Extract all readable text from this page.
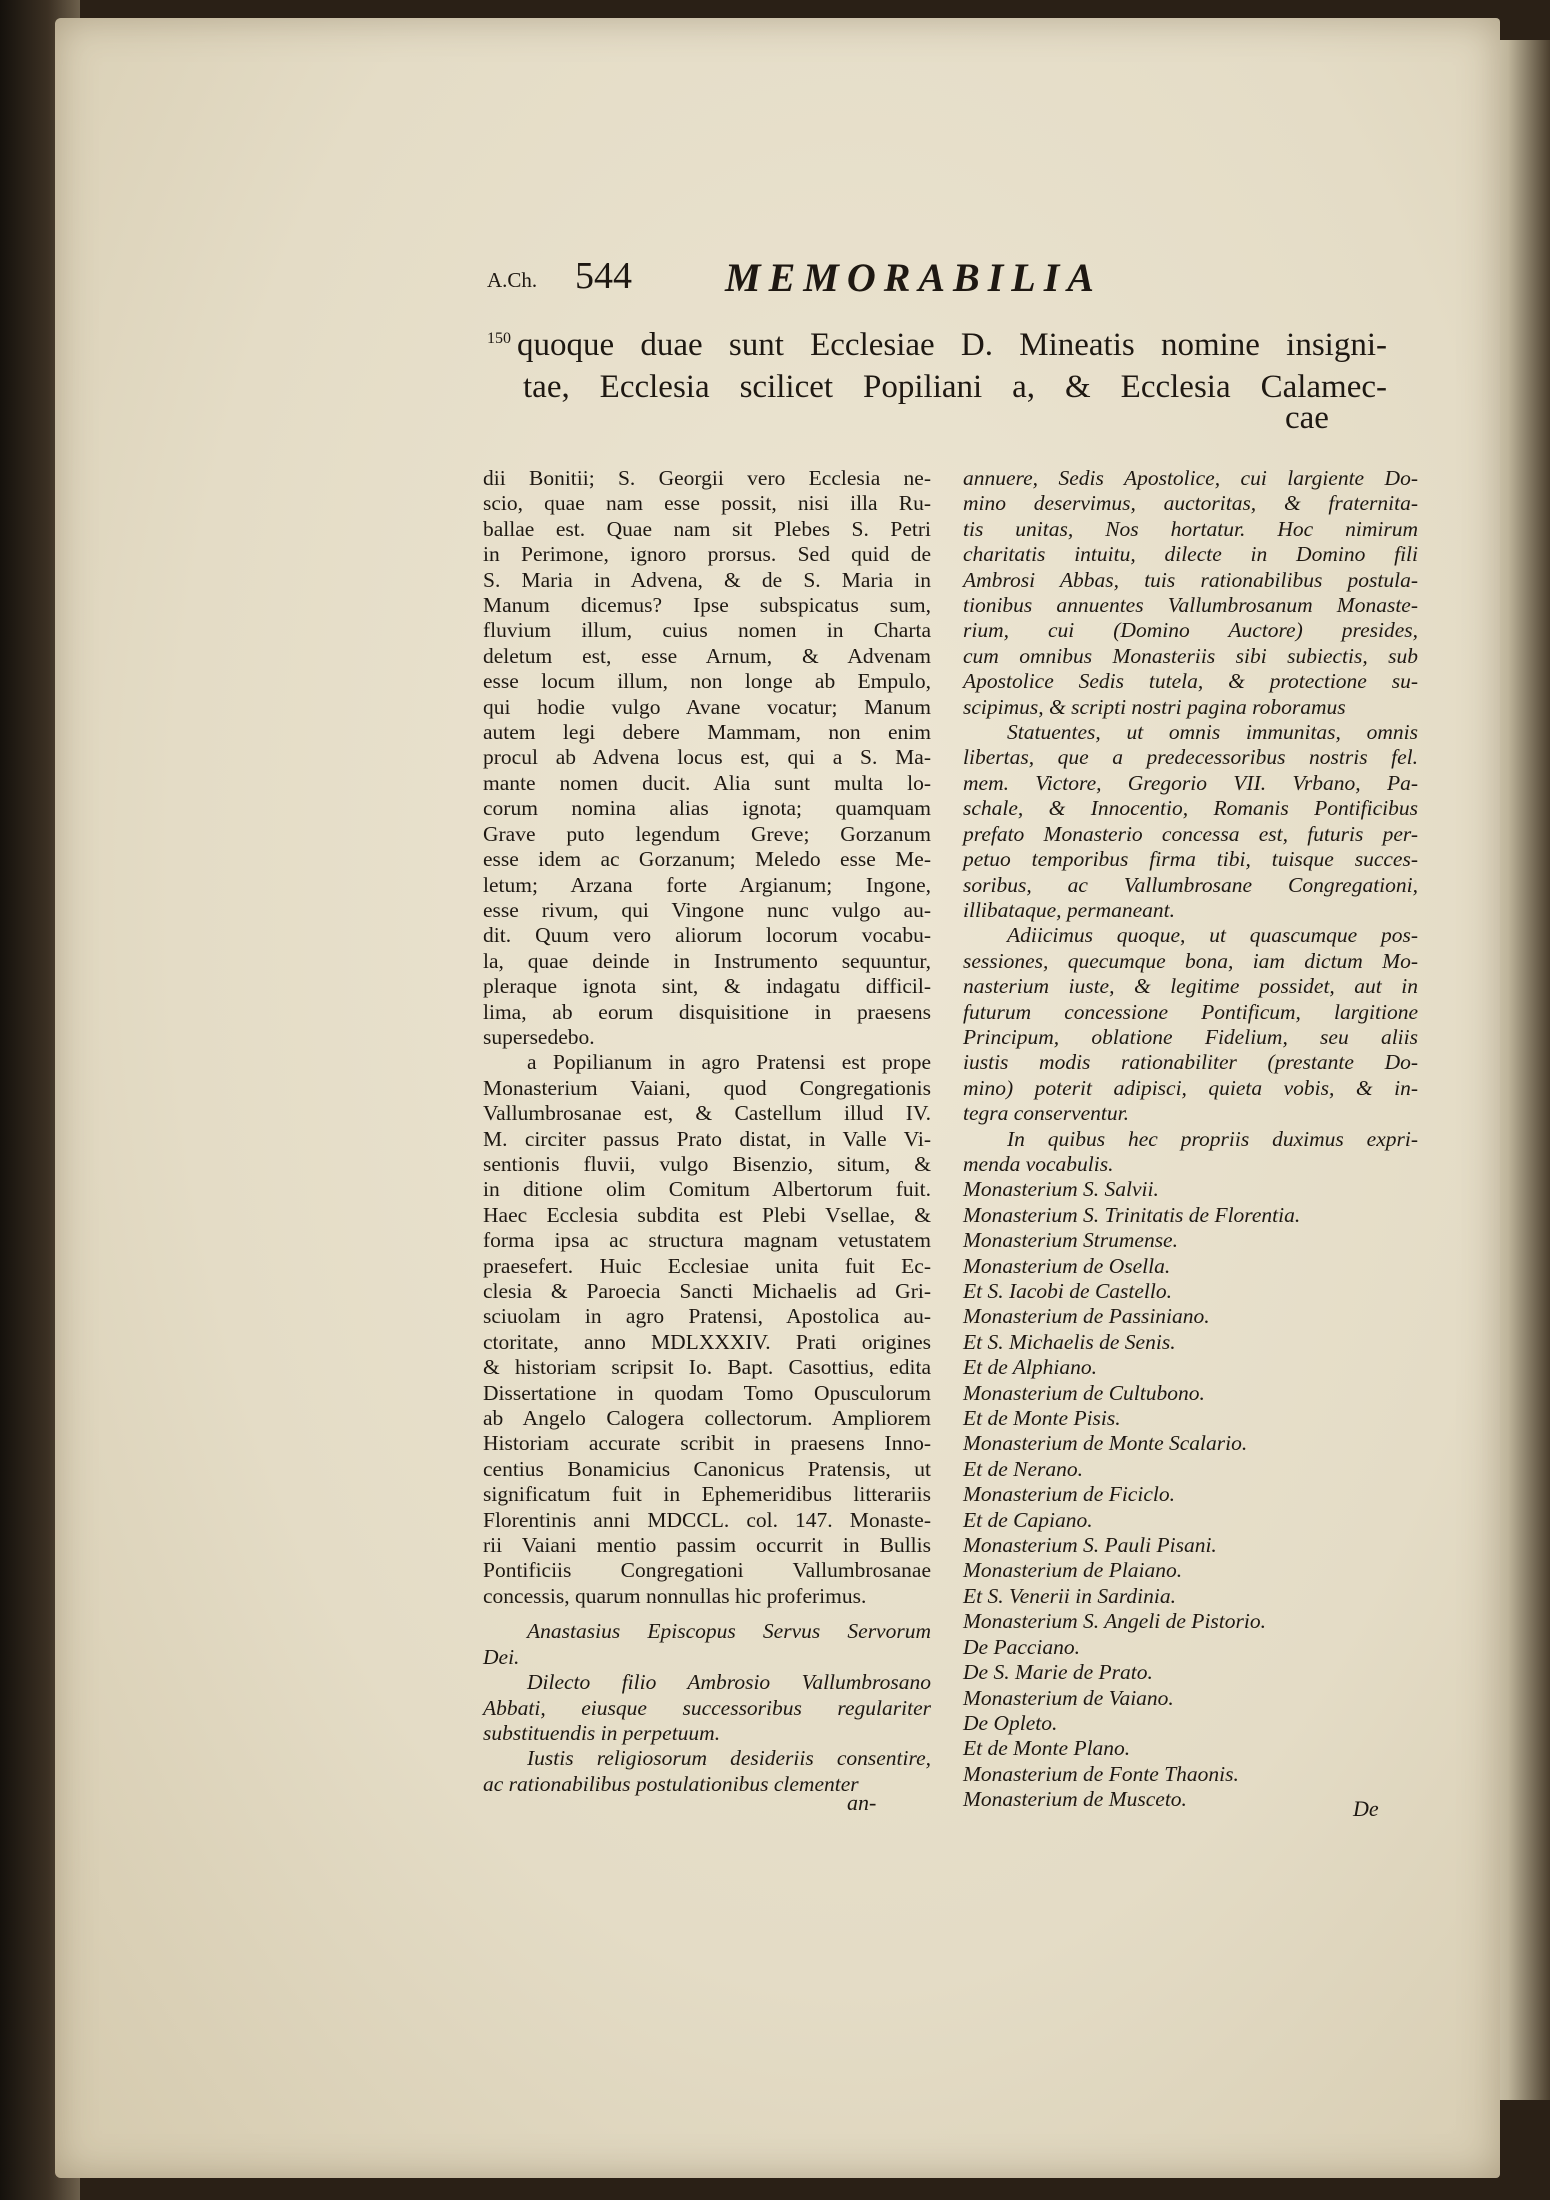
A.Ch. 544 MEMORABILIA
$^{150}$ quoque duae sunt Ecclesiae D. Mineatis nomine insigni-
tae, Ecclesia scilicet Popiliani a, & Ecclesia Calamec-
cae
dii Bonitii; S. Georgii vero Ecclesia ne-
scio, quae nam esse possit, nisi illa Ru-
ballae est. Quae nam sit Plebes S. Petri
in Perimone, ignoro prorsus. Sed quid de
S. Maria in Advena, & de S. Maria in
Manum dicemus? Ipse subspicatus sum,
fluvium illum, cuius nomen in Charta
deletum est, esse Arnum, & Advenam
esse locum illum, non longe ab Empulo,
qui hodie vulgo Avane vocatur; Manum
autem legi debere Mammam, non enim
procul ab Advena locus est, qui a S. Ma-
mante nomen ducit. Alia sunt multa lo-
corum nomina alias ignota; quamquam
Grave puto legendum Greve; Gorzanum
esse idem ac Gorzanum; Meledo esse Me-
letum; Arzana forte Argianum; Ingone,
esse rivum, qui Vingone nunc vulgo au-
dit. Quum vero aliorum locorum vocabu-
la, quae deinde in Instrumento sequuntur,
pleraque ignota sint, & indagatu difficil-
lima, ab eorum disquisitione in praesens
supersedebo.
a Popilianum in agro Pratensi est prope
Monasterium Vaiani, quod Congregationis
Vallumbrosanae est, & Castellum illud IV.
M. circiter passus Prato distat, in Valle Vi-
sentionis fluvii, vulgo Bisenzio, situm, &
in ditione olim Comitum Albertorum fuit.
Haec Ecclesia subdita est Plebi Vsellae, &
forma ipsa ac structura magnam vetustatem
praesefert. Huic Ecclesiae unita fuit Ec-
clesia & Paroecia Sancti Michaelis ad Gri-
sciuolam in agro Pratensi, Apostolica au-
ctoritate, anno MDLXXXIV. Prati origines
& historiam scripsit Io. Bapt. Casottius, edita
Dissertatione in quodam Tomo Opusculorum
ab Angelo Calogera collectorum. Ampliorem
Historiam accurate scribit in praesens Inno-
centius Bonamicius Canonicus Pratensis, ut
significatum fuit in Ephemeridibus litterariis
Florentinis anni MDCCL. col. 147. Monaste-
rii Vaiani mentio passim occurrit in Bullis
Pontificiis Congregationi Vallumbrosanae
concessis, quarum nonnullas hic proferimus.
Anastasius Episcopus Servus Servorum
Dei.
Dilecto filio Ambrosio Vallumbrosano
Abbati, eiusque successoribus regulariter
substituendis in perpetuum.
Iustis religiosorum desideriis consentire,
ac rationabilibus postulationibus clementer
an-
annuere, Sedis Apostolice, cui largiente Do-
mino deservimus, auctoritas, & fraternita-
tis unitas, Nos hortatur. Hoc nimirum
charitatis intuitu, dilecte in Domino fili
Ambrosi Abbas, tuis rationabilibus postula-
tionibus annuentes Vallumbrosanum Monaste-
rium, cui (Domino Auctore) presides,
cum omnibus Monasteriis sibi subiectis, sub
Apostolice Sedis tutela, & protectione su-
scipimus, & scripti nostri pagina roboramus
Statuentes, ut omnis immunitas, omnis
libertas, que a predecessoribus nostris fel.
mem. Victore, Gregorio VII. Vrbano, Pa-
schale, & Innocentio, Romanis Pontificibus
prefato Monasterio concessa est, futuris per-
petuo temporibus firma tibi, tuisque succes-
soribus, ac Vallumbrosane Congregationi,
illibataque, permaneant.
Adiicimus quoque, ut quascumque pos-
sessiones, quecumque bona, iam dictum Mo-
nasterium iuste, & legitime possidet, aut in
futurum concessione Pontificum, largitione
Principum, oblatione Fidelium, seu aliis
iustis modis rationabiliter (prestante Do-
mino) poterit adipisci, quieta vobis, & in-
tegra conserventur.
In quibus hec propriis duximus expri-
menda vocabulis.
Monasterium S. Salvii.
Monasterium S. Trinitatis de Florentia.
Monasterium Strumense.
Monasterium de Osella.
Et S. Iacobi de Castello.
Monasterium de Passiniano.
Et S. Michaelis de Senis.
Et de Alphiano.
Monasterium de Cultubono.
Et de Monte Pisis.
Monasterium de Monte Scalario.
Et de Nerano.
Monasterium de Ficiclo.
Et de Capiano.
Monasterium S. Pauli Pisani.
Monasterium de Plaiano.
Et S. Venerii in Sardinia.
Monasterium S. Angeli de Pistorio.
De Pacciano.
De S. Marie de Prato.
Monasterium de Vaiano.
De Opleto.
Et de Monte Plano.
Monasterium de Fonte Thaonis.
Monasterium de Musceto.	De
